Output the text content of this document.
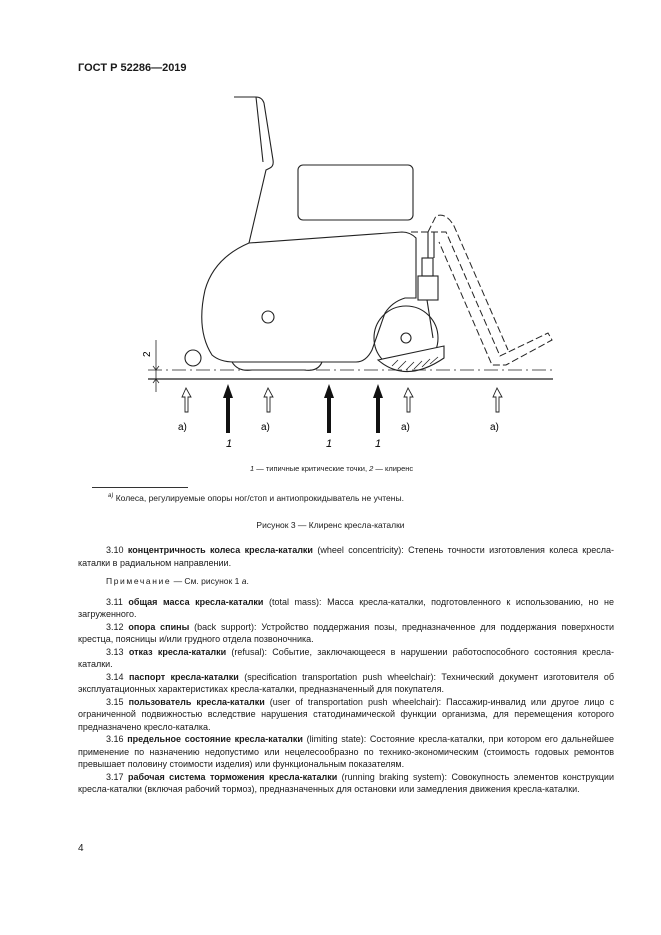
ГОСТ Р 52286—2019
2
a)	a)	a)	a)
1	1	1
1 — типичные критические точки, 2 — клиренс
$^{a)}$ Колеса, регулируемые опоры ног/стоп и антиопрокидыватель не учтены.
Рисунок 3 — Клиренс кресла-каталки

3.10 концентричность колеса кресла-каталки (wheel concentricity): Степень точности изготовления колеса кресла-каталки в радиальном направлении.

Примечание — См. рисунок 1 а.

3.11 общая масса кресла-каталки (total mass): Масса кресла-каталки, подготовленного к использованию, но не загруженного.

3.12 опора спины (back support): Устройство поддержания позы, предназначенное для поддержания поверхности крестца, поясницы и/или грудного отдела позвоночника.

3.13 отказ кресла-каталки (refusal): Событие, заключающееся в нарушении работоспособного состояния кресла-каталки.

3.14 паспорт кресла-каталки (specification transportation push wheelchair): Технический документ изготовителя об эксплуатационных характеристиках кресла-каталки, предназначенный для покупателя.

3.15 пользователь кресла-каталки (user of transportation push wheelchair): Пассажир-инвалид или другое лицо с ограниченной подвижностью вследствие нарушения статодинамической функции организма, для перемещения которого предназначено кресло-каталка.

3.16 предельное состояние кресла-каталки (limiting state): Состояние кресла-каталки, при котором его дальнейшее применение по назначению недопустимо или нецелесообразно по технико-экономическим (стоимость годовых ремонтов превышает половину стоимости изделия) или функциональным показателям.

3.17 рабочая система торможения кресла-каталки (running braking system): Совокупность элементов конструкции кресла-каталки (включая рабочий тормоз), предназначенных для остановки или замедления движения кресла-каталки.

4
